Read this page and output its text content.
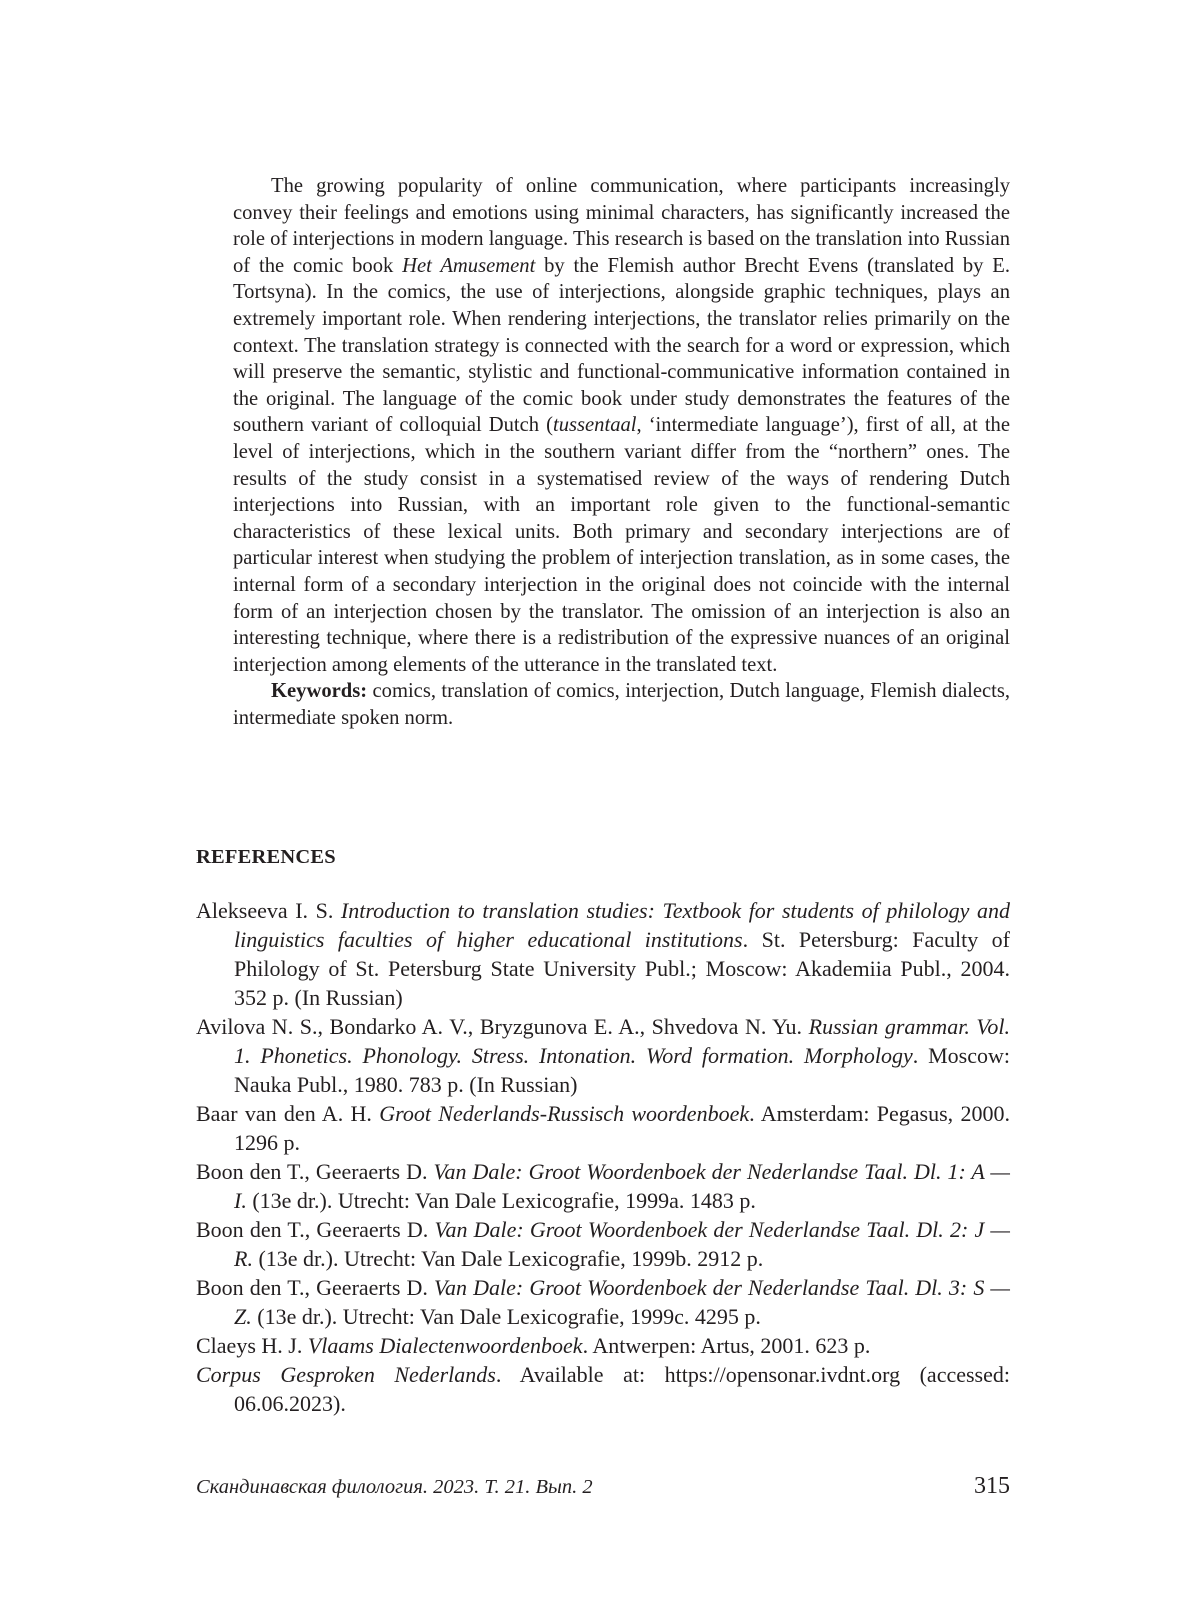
The growing popularity of online communication, where participants increasingly convey their feelings and emotions using minimal characters, has significantly increased the role of interjections in modern language. This research is based on the translation into Russian of the comic book Het Amusement by the Flemish author Brecht Evens (translated by E. Tortsyna). In the comics, the use of interjections, alongside graphic techniques, plays an extremely important role. When rendering interjections, the translator relies primarily on the context. The translation strategy is connected with the search for a word or expression, which will preserve the semantic, stylistic and functional-communicative information contained in the original. The language of the comic book under study demonstrates the features of the southern variant of colloquial Dutch (tussentaal, ‘intermediate language’), first of all, at the level of interjections, which in the southern variant differ from the “northern” ones. The results of the study consist in a systematised review of the ways of rendering Dutch interjections into Russian, with an important role given to the functional-semantic characteristics of these lexical units. Both primary and secondary interjections are of particular interest when studying the problem of interjection translation, as in some cases, the internal form of a secondary interjection in the original does not coincide with the internal form of an interjection chosen by the translator. The omission of an interjection is also an interesting technique, where there is a redistribution of the expressive nuances of an original interjection among elements of the utterance in the translated text.

Keywords: comics, translation of comics, interjection, Dutch language, Flemish dialects, intermediate spoken norm.

REFERENCES
Alekseeva I. S. Introduction to translation studies: Textbook for students of philology and linguistics faculties of higher educational institutions. St. Petersburg: Faculty of Philology of St. Petersburg State University Publ.; Moscow: Akademiia Publ., 2004. 352 p. (In Russian)
Avilova N. S., Bondarko A. V., Bryzgunova E. A., Shvedova N. Yu. Russian grammar. Vol. 1. Phonetics. Phonology. Stress. Intonation. Word formation. Morphology. Moscow: Nauka Publ., 1980. 783 p. (In Russian)
Baar van den A. H. Groot Nederlands-Russisch woordenboek. Amsterdam: Pegasus, 2000. 1296 p.
Boon den T., Geeraerts D. Van Dale: Groot Woordenboek der Nederlandse Taal. Dl. 1: A — I. (13e dr.). Utrecht: Van Dale Lexicografie, 1999a. 1483 p.
Boon den T., Geeraerts D. Van Dale: Groot Woordenboek der Nederlandse Taal. Dl. 2: J — R. (13e dr.). Utrecht: Van Dale Lexicografie, 1999b. 2912 p.
Boon den T., Geeraerts D. Van Dale: Groot Woordenboek der Nederlandse Taal. Dl. 3: S —Z. (13e dr.). Utrecht: Van Dale Lexicografie, 1999c. 4295 p.
Claeys H. J. Vlaams Dialectenwoordenboek. Antwerpen: Artus, 2001. 623 p.
Corpus Gesproken Nederlands. Available at: https://opensonar.ivdnt.org (accessed: 06.06.2023).
Скандинавская филология. 2023. Т. 21. Вып. 2	315
